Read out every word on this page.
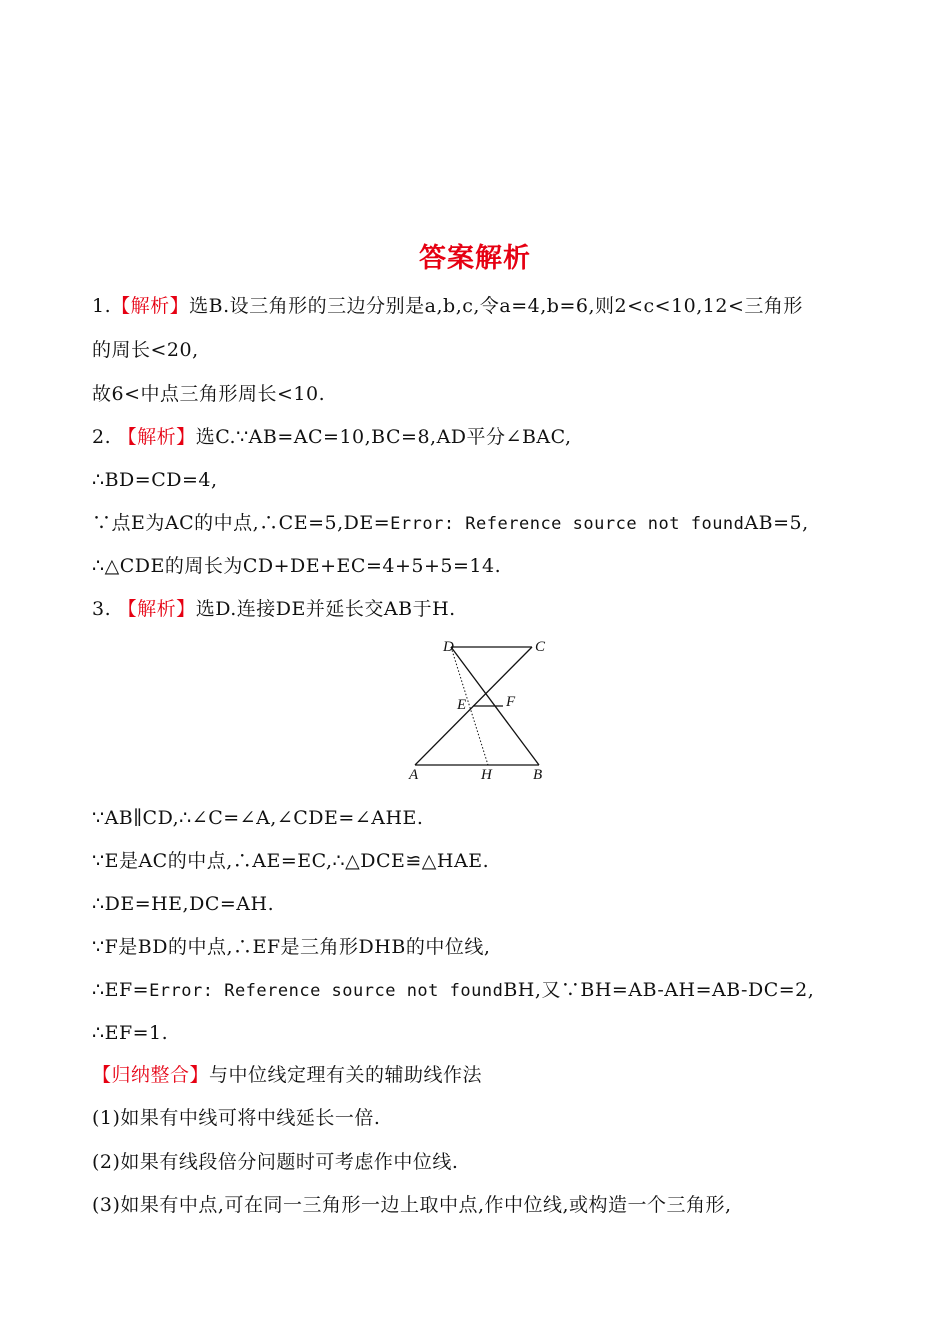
答案解析
1.【解析】选B.设三角形的三边分别是a,b,c,令a=4,b=6,则2<c<10,12<三角形
的周长<20,
故6<中点三角形周长<10.
2. 【解析】选C.∵AB=AC=10,BC=8,AD平分∠BAC,
∴BD=CD=4,
∵点E为AC的中点,∴CE=5,DE=Error: Reference source not foundAB=5,
∴△CDE的周长为CD+DE+EC=4+5+5=14.
3. 【解析】选D.连接DE并延长交AB于H.
D	C
E	F
A	H	B
∵AB∥CD,∴∠C=∠A,∠CDE=∠AHE.
∵E是AC的中点,∴AE=EC,∴△DCE≌△HAE.
∴DE=HE,DC=AH.
∵F是BD的中点,∴EF是三角形DHB的中位线,
∴EF=Error: Reference source not foundBH,又∵BH=AB-AH=AB-DC=2,
∴EF=1.
【归纳整合】与中位线定理有关的辅助线作法
(1)如果有中线可将中线延长一倍.
(2)如果有线段倍分问题时可考虑作中位线.
(3)如果有中点,可在同一三角形一边上取中点,作中位线,或构造一个三角形,
